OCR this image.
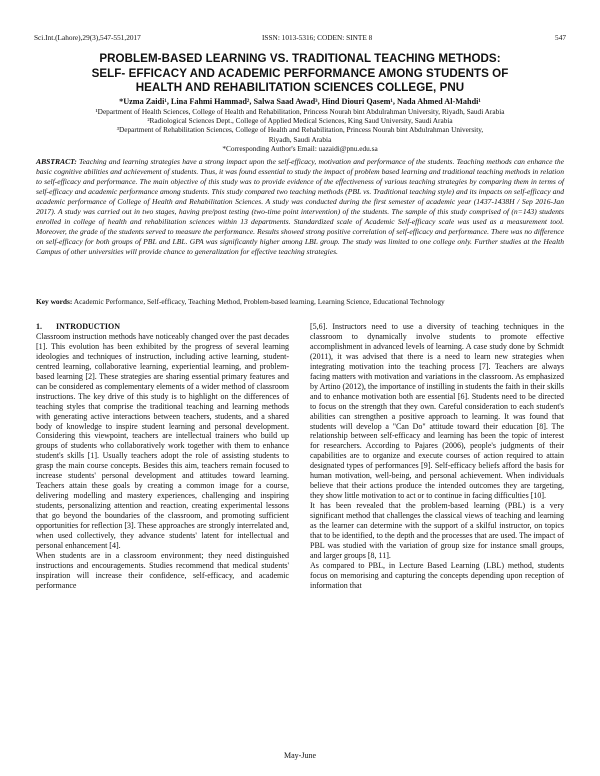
Sci.Int.(Lahore),29(3),547-551,2017	ISSN: 1013-5316; CODEN: SINTE 8	547
PROBLEM-BASED LEARNING VS. TRADITIONAL TEACHING METHODS:
SELF- EFFICACY AND ACADEMIC PERFORMANCE AMONG STUDENTS OF
HEALTH AND REHABILITATION SCIENCES COLLEGE, PNU
*Uzma Zaidi¹, Lina Fahmi Hammad², Salwa Saad Awad³, Hind Diouri Qasem¹, Nada Ahmed Al-Mahdi¹
¹Department of Health Sciences, College of Health and Rehabilitation, Princess Nourah bint Abdulrahman University, Riyadh, Saudi Arabia
²Radiological Sciences Dept., College of Applied Medical Sciences, King Saud University, Saudi Arabia
³Department of Rehabilitation Sciences, College of Health and Rehabilitation, Princess Nourah bint Abdulrahman University,
Riyadh, Saudi Arabia
*Corresponding Author's Email: uazaidi@pnu.edu.sa
ABSTRACT: Teaching and learning strategies have a strong impact upon the self-efficacy, motivation and performance of the students. Teaching methods can enhance the basic cognitive abilities and achievement of students. Thus, it was found essential to study the impact of problem based learning and traditional teaching methods in relation to self-efficacy and performance. The main objective of this study was to provide evidence of the effectiveness of various teaching strategies by comparing them in terms of self-efficacy and academic performance among students. This study compared two teaching methods (PBL vs. Traditional teaching style) and its impacts on self-efficacy and academic performance of College of Health and Rehabilitation Sciences. A study was conducted during the first semester of academic year (1437-1438H / Sep 2016-Jan 2017). A study was carried out in two stages, having pre/post testing (two-time point intervention) of the students. The sample of this study comprised of (n=143) students enrolled in college of health and rehabilitation sciences within 13 departments. Standardized scale of Academic Self-efficacy scale was used as a measurement tool. Moreover, the grade of the students served to measure the performance. Results showed strong positive correlation of self-efficacy and performance. There was no difference on self-efficacy for both groups of PBL and LBL. GPA was significantly higher among LBL group. The study was limited to one college only. Further studies at the Health Campus of other universities will provide chance to generalization for effective teaching strategies.
Key words: Academic Performance, Self-efficacy, Teaching Method, Problem-based learning, Learning Science, Educational Technology
1. INTRODUCTION

Classroom instruction methods have noticeably changed over the past decades [1]. This evolution has been exhibited by the progress of several learning ideologies and techniques of instruction, including active learning, student-centred learning, collaborative learning, experiential learning, and problem-based learning [2]. These strategies are sharing essential primary features and can be considered as complementary elements of a wider method of classroom instructions. The key drive of this study is to highlight on the differences of teaching styles that comprise the traditional teaching and learning methods with generating active interactions between teachers, students, and a shared body of knowledge to inspire student learning and personal development. Considering this viewpoint, teachers are intellectual trainers who build up groups of students who collaboratively work together with them to enhance student's skills [1]. Usually teachers adopt the role of assisting students to grasp the main course concepts. Besides this aim, teachers remain focused to increase students' personal development and attitudes toward learning. Teachers attain these goals by creating a common image for a course, delivering modelling and mastery experiences, challenging and inspiring students, personalizing attention and reaction, creating experimental lessons that go beyond the boundaries of the classroom, and promoting sufficient opportunities for reflection [3]. These approaches are strongly interrelated and, when used collectively, they advance students' latent for intellectual and personal enhancement [4].

When students are in a classroom environment; they need distinguished instructions and encouragements. Studies recommend that medical students' inspiration will increase their confidence, self-efficacy, and academic performance

[5,6]. Instructors need to use a diversity of teaching techniques in the classroom to dynamically involve students to promote effective accomplishment in advanced levels of learning. A case study done by Schmidt (2011), it was advised that there is a need to learn new strategies when integrating motivation into the teaching process [7]. Teachers are always facing matters with motivation and variations in the classroom. As emphasized by Artino (2012), the importance of instilling in students the faith in their skills and to enhance motivation both are essential [6]. Students need to be directed to focus on the strength that they own. Careful consideration to each student's abilities can strengthen a positive approach to learning. It was found that students will develop a "Can Do" attitude toward their education [8]. The relationship between self-efficacy and learning has been the topic of interest for researchers. According to Pajares (2006), people's judgments of their capabilities are to organize and execute courses of action required to attain designated types of performances [9]. Self-efficacy beliefs afford the basis for human motivation, well-being, and personal achievement. When individuals believe that their actions produce the intended outcomes they are targeting, they show little motivation to act or to continue in facing difficulties [10].

It has been revealed that the problem-based learning (PBL) is a very significant method that challenges the classical views of teaching and learning as the learner can determine with the support of a skilful instructor, on topics that to be identified, to the depth and the processes that are used. The impact of PBL was studied with the variation of group size for instance small groups, and larger groups [8, 11].

As compared to PBL, in Lecture Based Learning (LBL) method, students focus on memorising and capturing the concepts depending upon reception of information that

May-June
